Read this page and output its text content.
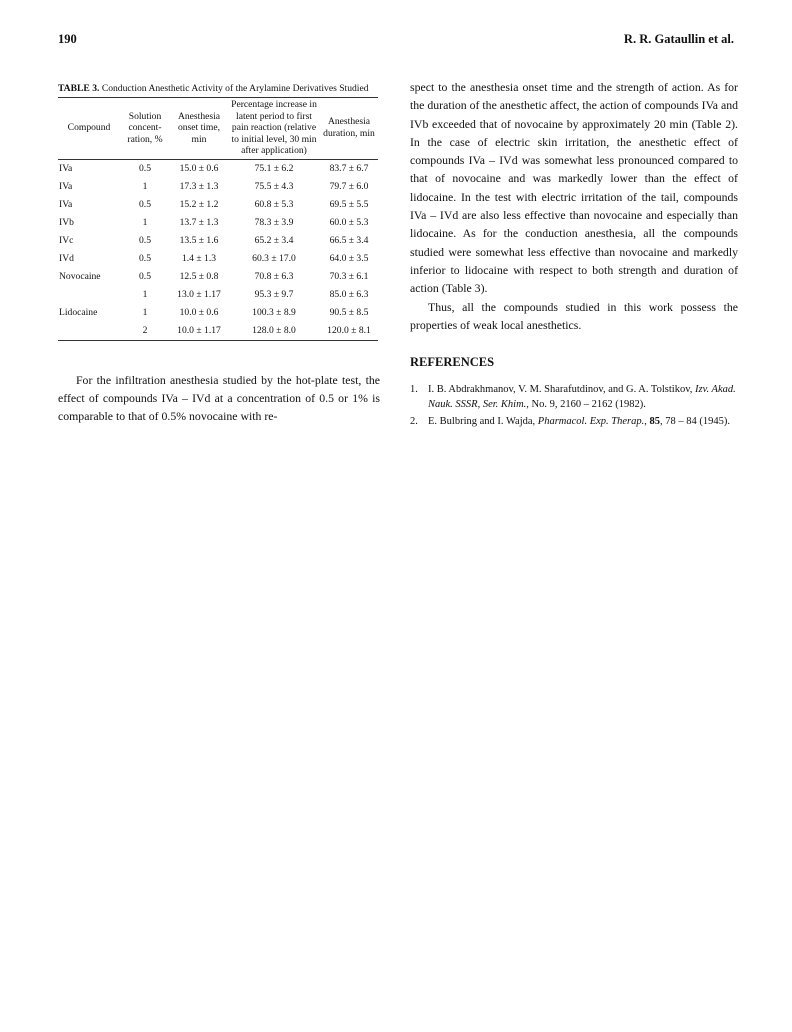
190	R. R. Gataullin et al.
TABLE 3. Conduction Anesthetic Activity of the Arylamine Derivatives Studied
Compound	Solution concent-ration, %	Anesthesia onset time, min	Percentage increase in latent period to first pain reaction (relative to initial level, 30 min after application)	Anesthesia duration, min
IVa	0.5	15.0 ± 0.6	75.1 ± 6.2	83.7 ± 6.7
IVa	1	17.3 ± 1.3	75.5 ± 4.3	79.7 ± 6.0
IVa	0.5	15.2 ± 1.2	60.8 ± 5.3	69.5 ± 5.5
IVb	1	13.7 ± 1.3	78.3 ± 3.9	60.0 ± 5.3
IVc	0.5	13.5 ± 1.6	65.2 ± 3.4	66.5 ± 3.4
IVd	0.5	1.4 ± 1.3	60.3 ± 17.0	64.0 ± 3.5
Novocaine	0.5	12.5 ± 0.8	70.8 ± 6.3	70.3 ± 6.1
	1	13.0 ± 1.17	95.3 ± 9.7	85.0 ± 6.3
Lidocaine	1	10.0 ± 0.6	100.3 ± 8.9	90.5 ± 8.5
	2	10.0 ± 1.17	128.0 ± 8.0	120.0 ± 8.1

For the infiltration anesthesia studied by the hot-plate test, the effect of compounds IVa – IVd at a concentration of 0.5 or 1% is comparable to that of 0.5% novocaine with re-

spect to the anesthesia onset time and the strength of action. As for the duration of the anesthetic affect, the action of compounds IVa and IVb exceeded that of novocaine by approximately 20 min (Table 2). In the case of electric skin irritation, the anesthetic effect of compounds IVa – IVd was somewhat less pronounced compared to that of novocaine and was markedly lower than the effect of lidocaine. In the test with electric irritation of the tail, compounds IVa – IVd are also less effective than novocaine and especially than lidocaine. As for the conduction anesthesia, all the compounds studied were somewhat less effective than novocaine and markedly inferior to lidocaine with respect to both strength and duration of action (Table 3).

Thus, all the compounds studied in this work possess the properties of weak local anesthetics.

REFERENCES
1. I. B. Abdrakhmanov, V. M. Sharafutdinov, and G. A. Tolstikov, Izv. Akad. Nauk. SSSR, Ser. Khim., No. 9, 2160 – 2162 (1982).
2. E. Bulbring and I. Wajda, Pharmacol. Exp. Therap., 85, 78 – 84 (1945).
